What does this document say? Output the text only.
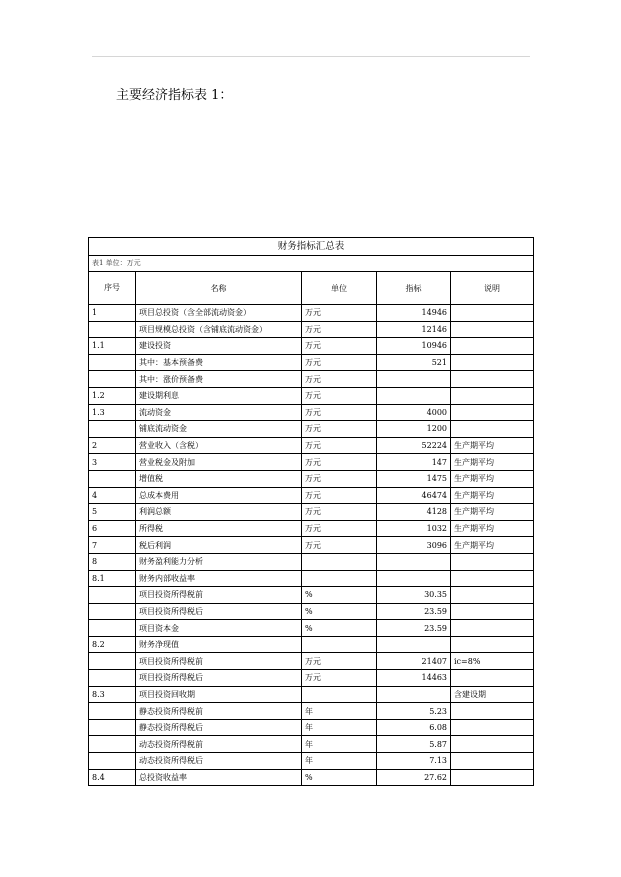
主要经济指标表 1：
财务指标汇总表				
表1 单位：万元				
序号	名称	单位	指标	说明
1	项目总投资（含全部流动资金）	万元	14946	
	项目规模总投资（含铺底流动资金）	万元	12146	
1.1	建设投资	万元	10946	
	其中：基本预备费	万元	521	
	其中：涨价预备费	万元		
1.2	建设期利息	万元		
1.3	流动资金	万元	4000	
	铺底流动资金	万元	1200	
2	营业收入（含税）	万元	52224	生产期平均
3	营业税金及附加	万元	147	生产期平均
	增值税	万元	1475	生产期平均
4	总成本费用	万元	46474	生产期平均
5	利润总额	万元	4128	生产期平均
6	所得税	万元	1032	生产期平均
7	税后利润	万元	3096	生产期平均
8	财务盈利能力分析			
8.1	财务内部收益率			
	项目投资所得税前	%	30.35	
	项目投资所得税后	%	23.59	
	项目资本金	%	23.59	
8.2	财务净现值			
	项目投资所得税前	万元	21407	ic=8%
	项目投资所得税后	万元	14463	
8.3	项目投资回收期			含建设期
	静态投资所得税前	年	5.23	
	静态投资所得税后	年	6.08	
	动态投资所得税前	年	5.87	
	动态投资所得税后	年	7.13	
8.4	总投资收益率	%	27.62	
